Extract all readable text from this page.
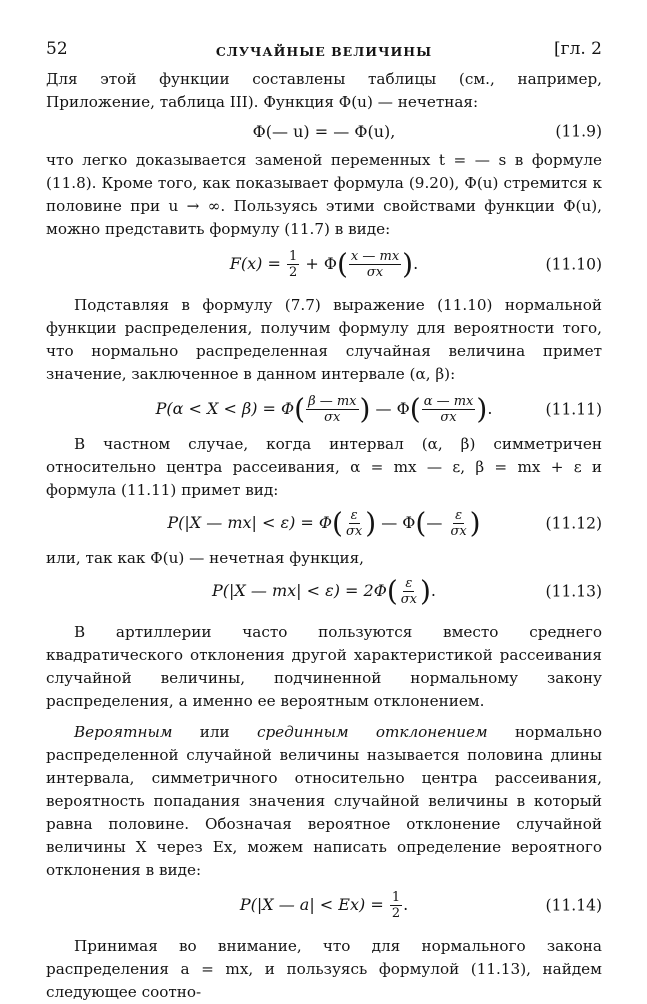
52	СЛУЧАЙНЫЕ ВЕЛИЧИНЫ	[гл. 2

Для этой функции составлены таблицы (см., например, Приложение, таблица III). Функция Φ(u) — нечетная:

Φ(— u) = — Φ(u),	(11.9)

что легко доказывается заменой переменных t = — s в формуле (11.8). Кроме того, как показывает формула (9.20), Φ(u) стремится к половине при u → ∞. Пользуясь этими свойствами функции Φ(u), можно представить формулу (11.7) в виде:

$F(x) = \frac{1}{2} + \Phi( \frac{x — mx}{\sigma x}$ ).	(11.10)

Подставляя в формулу (7.7) выражение (11.10) нормальной функции распределения, получим формулу для вероятности того, что нормально распределенная случайная величина примет значение, заключенное в данном интервале (α, β):

$P(\alpha < X < \beta) = \Phi( \frac{\beta — mx}{\sigma x}$ ) — $\Phi( \frac{\alpha — mx}{\sigma x}$ ).	(11.11)

В частном случае, когда интервал (α, β) симметричен относительно центра рассеивания, α = mx — ε, β = mx + ε и формула (11.11) примет вид:

P(|X — $mx| < \varepsilon) = \Phi( \frac{\varepsilon}{\sigma x}$ ) — Φ(— $\frac{\varepsilon}{\sigma x}$ )	(11.12)

или, так как Φ(u) — нечетная функция,

P(|X — $mx| < \varepsilon) = 2\Phi( \frac{\varepsilon}{\sigma x}$ ).	(11.13)

В артиллерии часто пользуются вместо среднего квадратического отклонения другой характеристикой рассеивания случайной величины, подчиненной нормальному закону распределения, а именно ее вероятным отклонением.

Вероятным или срединным отклонением нормально распределенной случайной величины называется половина длины интервала, симметричного относительно центра рассеивания, вероятность попадания значения случайной величины в который равна половине. Обозначая вероятное отклонение случайной величины X через Ex, можем написать определение вероятного отклонения в виде:

P(|X — $a| < Ex) = \frac{1}{2}$ .	(11.14)

Принимая во внимание, что для нормального закона распределения a = mx, и пользуясь формулой (11.13), найдем следующее соотно-
